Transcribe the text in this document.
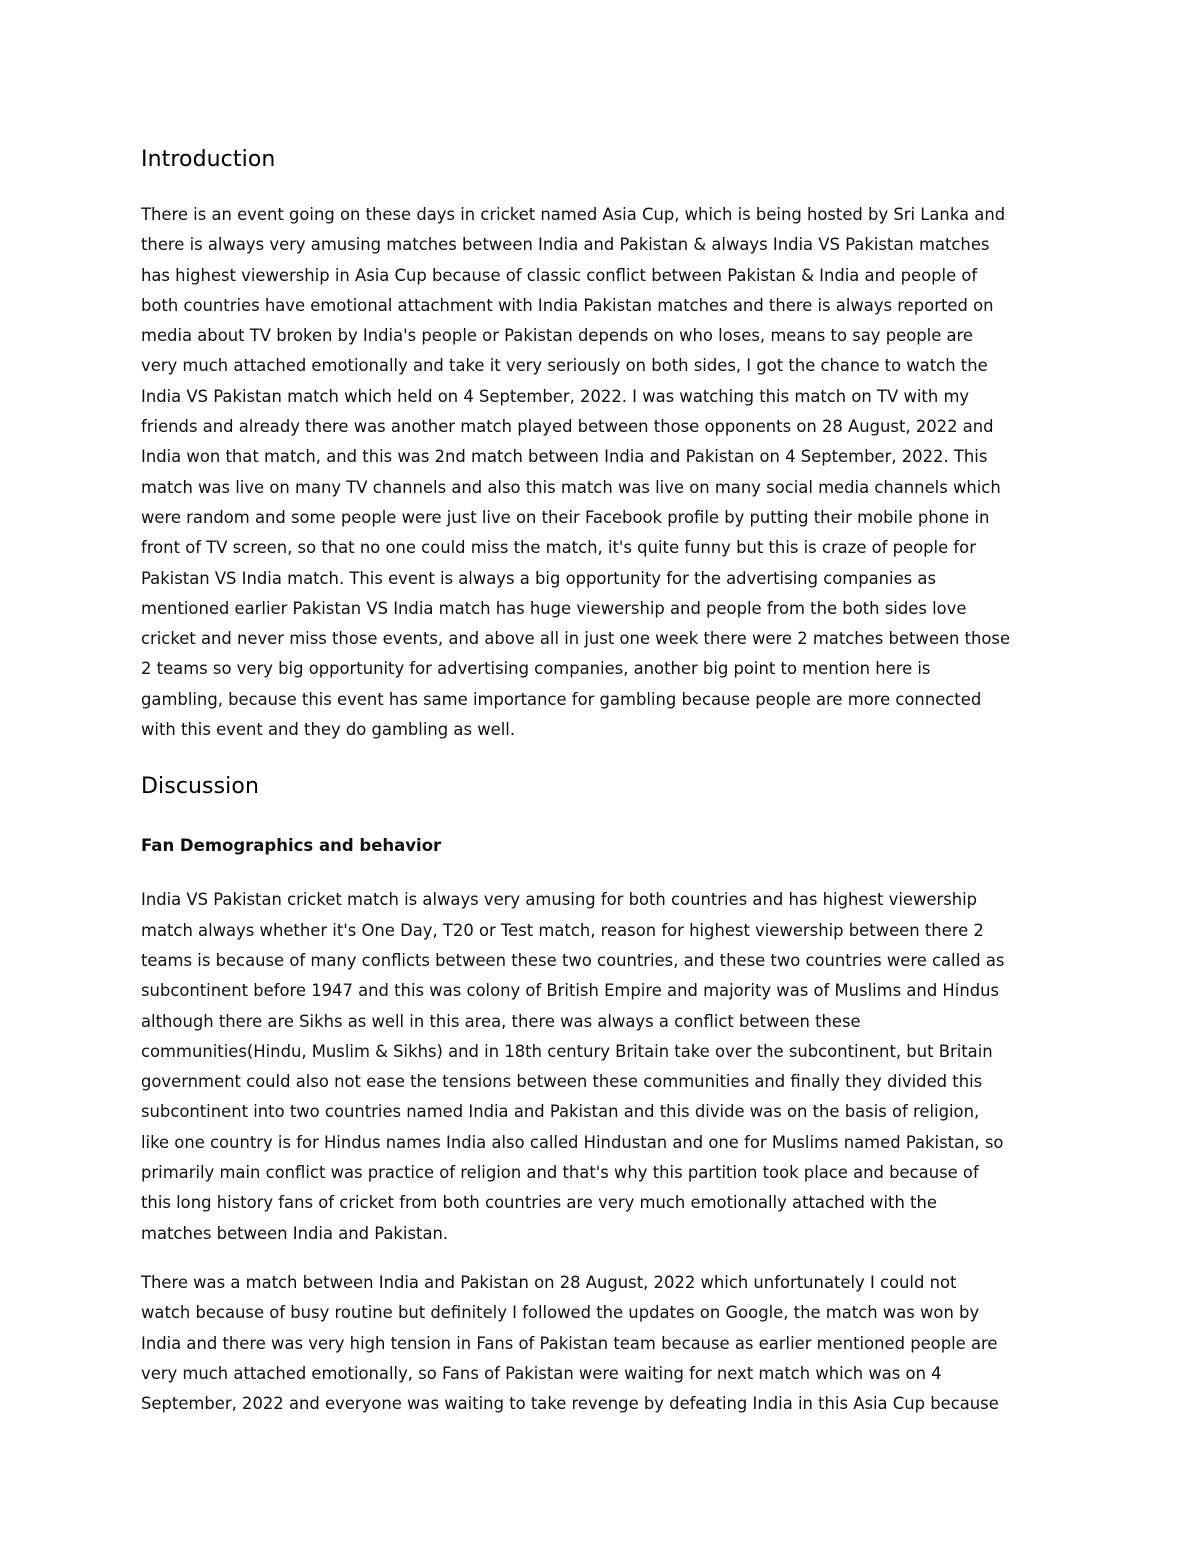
Introduction

There is an event going on these days in cricket named Asia Cup, which is being hosted by Sri Lanka and
there is always very amusing matches between India and Pakistan & always India VS Pakistan matches
has highest viewership in Asia Cup because of classic conflict between Pakistan & India and people of
both countries have emotional attachment with India Pakistan matches and there is always reported on
media about TV broken by India's people or Pakistan depends on who loses, means to say people are
very much attached emotionally and take it very seriously on both sides, I got the chance to watch the
India VS Pakistan match which held on 4 September, 2022. I was watching this match on TV with my
friends and already there was another match played between those opponents on 28 August, 2022 and
India won that match, and this was 2nd match between India and Pakistan on 4 September, 2022. This
match was live on many TV channels and also this match was live on many social media channels which
were random and some people were just live on their Facebook profile by putting their mobile phone in
front of TV screen, so that no one could miss the match, it's quite funny but this is craze of people for
Pakistan VS India match. This event is always a big opportunity for the advertising companies as
mentioned earlier Pakistan VS India match has huge viewership and people from the both sides love
cricket and never miss those events, and above all in just one week there were 2 matches between those
2 teams so very big opportunity for advertising companies, another big point to mention here is
gambling, because this event has same importance for gambling because people are more connected
with this event and they do gambling as well.

Discussion
Fan Demographics and behavior

India VS Pakistan cricket match is always very amusing for both countries and has highest viewership
match always whether it's One Day, T20 or Test match, reason for highest viewership between there 2
teams is because of many conflicts between these two countries, and these two countries were called as
subcontinent before 1947 and this was colony of British Empire and majority was of Muslims and Hindus
although there are Sikhs as well in this area, there was always a conflict between these
communities(Hindu, Muslim & Sikhs) and in 18th century Britain take over the subcontinent, but Britain
government could also not ease the tensions between these communities and finally they divided this
subcontinent into two countries named India and Pakistan and this divide was on the basis of religion,
like one country is for Hindus names India also called Hindustan and one for Muslims named Pakistan, so
primarily main conflict was practice of religion and that's why this partition took place and because of
this long history fans of cricket from both countries are very much emotionally attached with the
matches between India and Pakistan.

There was a match between India and Pakistan on 28 August, 2022 which unfortunately I could not
watch because of busy routine but definitely I followed the updates on Google, the match was won by
India and there was very high tension in Fans of Pakistan team because as earlier mentioned people are
very much attached emotionally, so Fans of Pakistan were waiting for next match which was on 4
September, 2022 and everyone was waiting to take revenge by defeating India in this Asia Cup because
